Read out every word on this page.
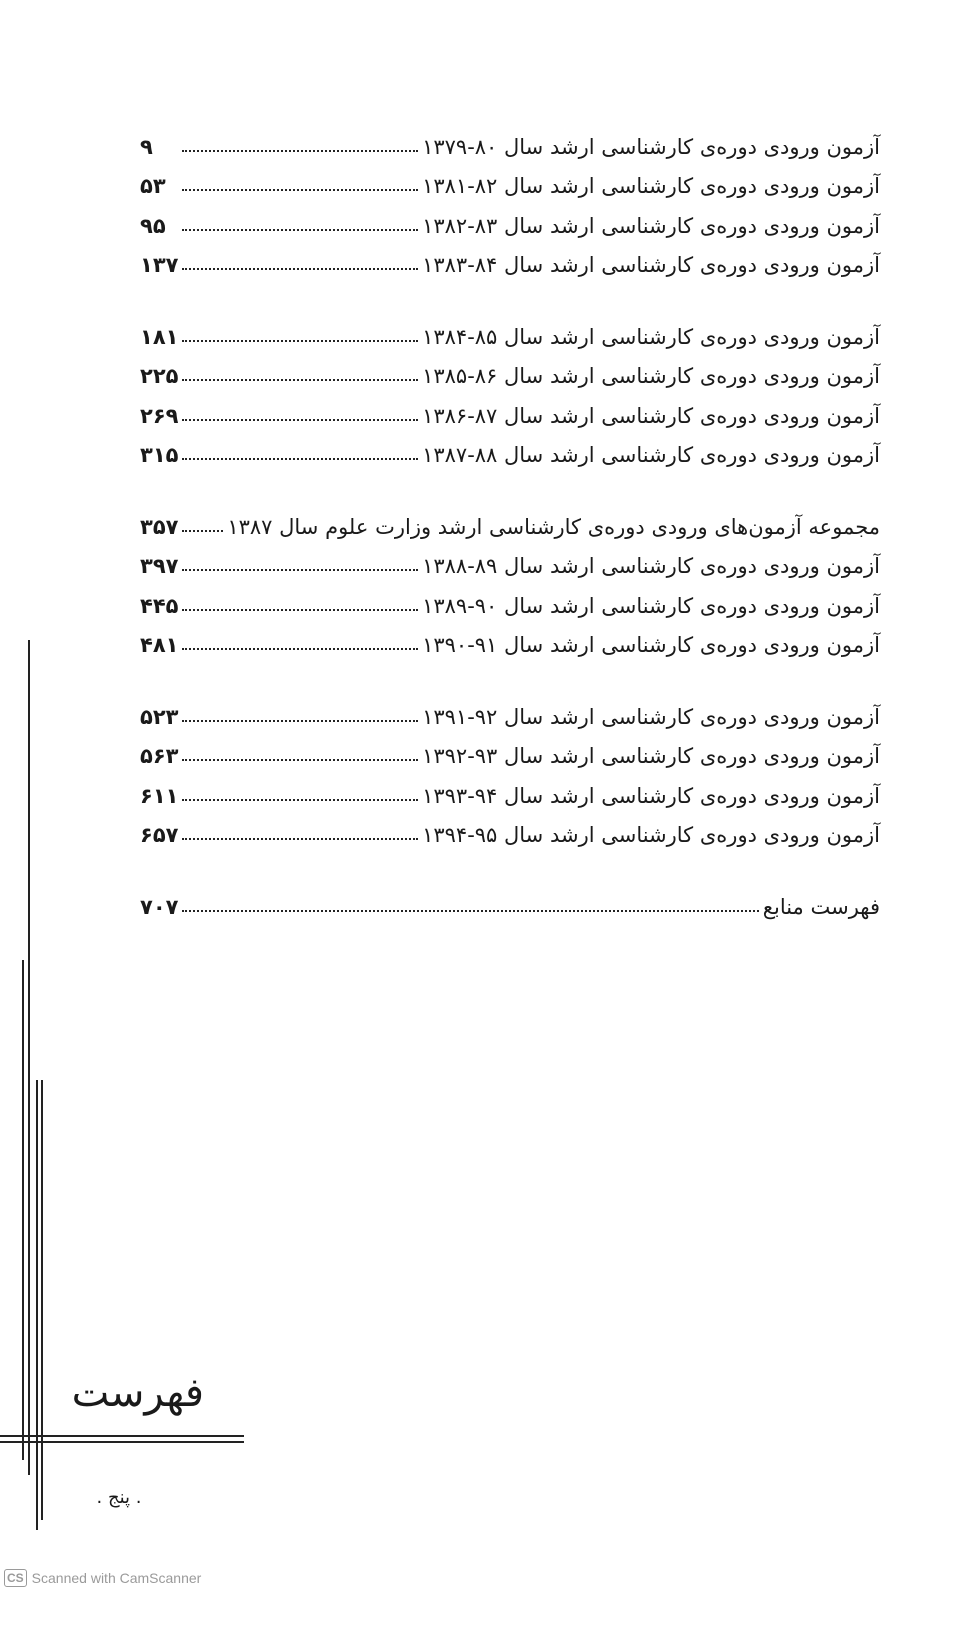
آزمون ورودی دوره‌ی کارشناسی ارشد سال ۸۰-۱۳۷۹
۹
آزمون ورودی دوره‌ی کارشناسی ارشد سال ۸۲-۱۳۸۱
۵۳
آزمون ورودی دوره‌ی کارشناسی ارشد سال ۸۳-۱۳۸۲
۹۵
آزمون ورودی دوره‌ی کارشناسی ارشد سال ۸۴-۱۳۸۳
۱۳۷
آزمون ورودی دوره‌ی کارشناسی ارشد سال ۸۵-۱۳۸۴
۱۸۱
آزمون ورودی دوره‌ی کارشناسی ارشد سال ۸۶-۱۳۸۵
۲۲۵
آزمون ورودی دوره‌ی کارشناسی ارشد سال ۸۷-۱۳۸۶
۲۶۹
آزمون ورودی دوره‌ی کارشناسی ارشد سال ۸۸-۱۳۸۷
۳۱۵
مجموعه آزمون‌های ورودی دوره‌ی کارشناسی ارشد وزارت علوم سال ۱۳۸۷
۳۵۷
آزمون ورودی دوره‌ی کارشناسی ارشد سال ۸۹-۱۳۸۸
۳۹۷
آزمون ورودی دوره‌ی کارشناسی ارشد سال ۹۰-۱۳۸۹
۴۴۵
آزمون ورودی دوره‌ی کارشناسی ارشد سال ۹۱-۱۳۹۰
۴۸۱
آزمون ورودی دوره‌ی کارشناسی ارشد سال ۹۲-۱۳۹۱
۵۲۳
آزمون ورودی دوره‌ی کارشناسی ارشد سال ۹۳-۱۳۹۲
۵۶۳
آزمون ورودی دوره‌ی کارشناسی ارشد سال ۹۴-۱۳۹۳
۶۱۱
آزمون ورودی دوره‌ی کارشناسی ارشد سال ۹۵-۱۳۹۴
۶۵۷
فهرست منابع
۷۰۷
فهرست
. پنج .
CS Scanned with CamScanner
